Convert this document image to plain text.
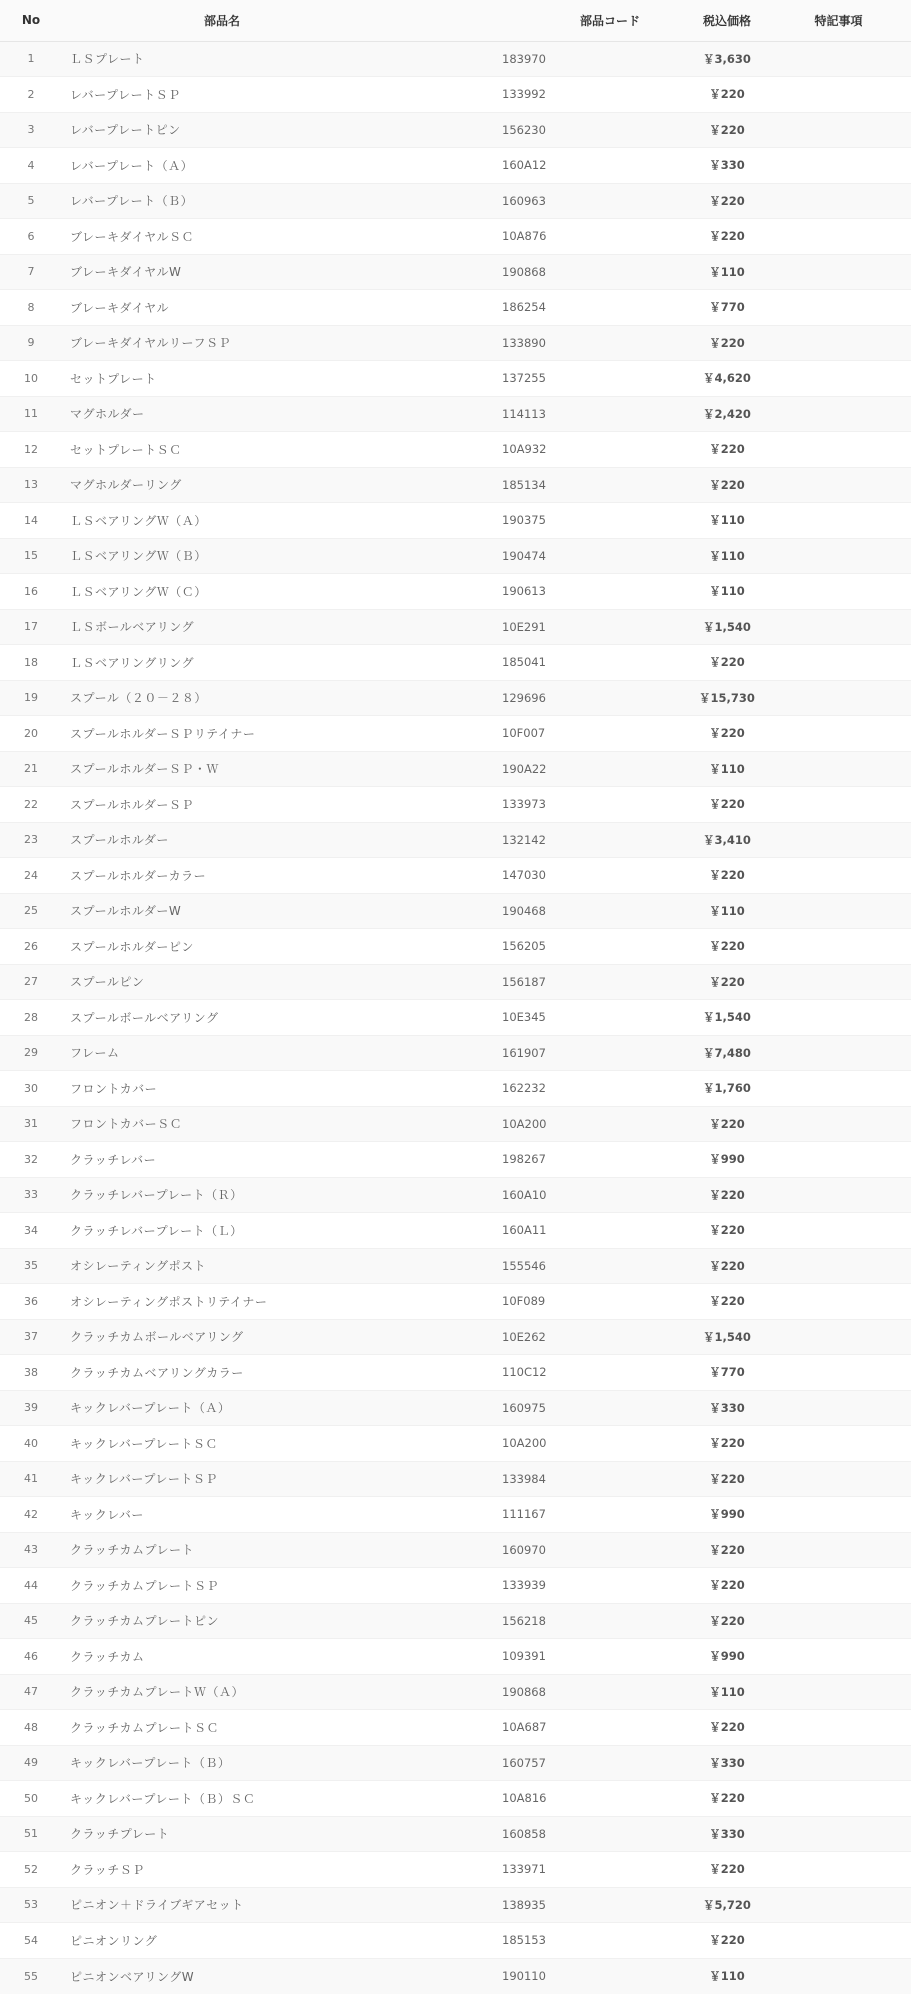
No	部品名	部品コード	税込価格	特記事項
1	ＬＳプレート	183970	￥3,630	
2	レバープレートＳＰ	133992	￥220	
3	レバープレートピン	156230	￥220	
4	レバープレート（Ａ）	160A12	￥330	
5	レバープレート（Ｂ）	160963	￥220	
6	ブレーキダイヤルＳＣ	10A876	￥220	
7	ブレーキダイヤルW	190868	￥110	
8	ブレーキダイヤル	186254	￥770	
9	ブレーキダイヤルリーフＳＰ	133890	￥220	
10	セットプレート	137255	￥4,620	
11	マグホルダー	114113	￥2,420	
12	セットプレートＳＣ	10A932	￥220	
13	マグホルダーリング	185134	￥220	
14	ＬＳベアリングＷ（Ａ）	190375	￥110	
15	ＬＳベアリングＷ（Ｂ）	190474	￥110	
16	ＬＳベアリングＷ（Ｃ）	190613	￥110	
17	ＬＳボールベアリング	10E291	￥1,540	
18	ＬＳベアリングリング	185041	￥220	
19	スプール（２０－２８）	129696	￥15,730	
20	スプールホルダーＳＰリテイナー	10F007	￥220	
21	スプールホルダーＳＰ・Ｗ	190A22	￥110	
22	スプールホルダーＳＰ	133973	￥220	
23	スプールホルダー	132142	￥3,410	
24	スプールホルダーカラー	147030	￥220	
25	スプールホルダーW	190468	￥110	
26	スプールホルダーピン	156205	￥220	
27	スプールピン	156187	￥220	
28	スプールボールベアリング	10E345	￥1,540	
29	フレーム	161907	￥7,480	
30	フロントカバー	162232	￥1,760	
31	フロントカバーＳＣ	10A200	￥220	
32	クラッチレバー	198267	￥990	
33	クラッチレバープレート（Ｒ）	160A10	￥220	
34	クラッチレバープレート（Ｌ）	160A11	￥220	
35	オシレーティングポスト	155546	￥220	
36	オシレーティングポストリテイナー	10F089	￥220	
37	クラッチカムボールベアリング	10E262	￥1,540	
38	クラッチカムベアリングカラー	110C12	￥770	
39	キックレバープレート（Ａ）	160975	￥330	
40	キックレバープレートＳＣ	10A200	￥220	
41	キックレバープレートＳＰ	133984	￥220	
42	キックレバー	111167	￥990	
43	クラッチカムプレート	160970	￥220	
44	クラッチカムプレートＳＰ	133939	￥220	
45	クラッチカムプレートピン	156218	￥220	
46	クラッチカム	109391	￥990	
47	クラッチカムプレートＷ（Ａ）	190868	￥110	
48	クラッチカムプレートＳＣ	10A687	￥220	
49	キックレバープレート（Ｂ）	160757	￥330	
50	キックレバープレート（Ｂ）ＳＣ	10A816	￥220	
51	クラッチプレート	160858	￥330	
52	クラッチＳＰ	133971	￥220	
53	ピニオン＋ドライブギアセット	138935	￥5,720	
54	ピニオンリング	185153	￥220	
55	ピニオンベアリングW	190110	￥110	
